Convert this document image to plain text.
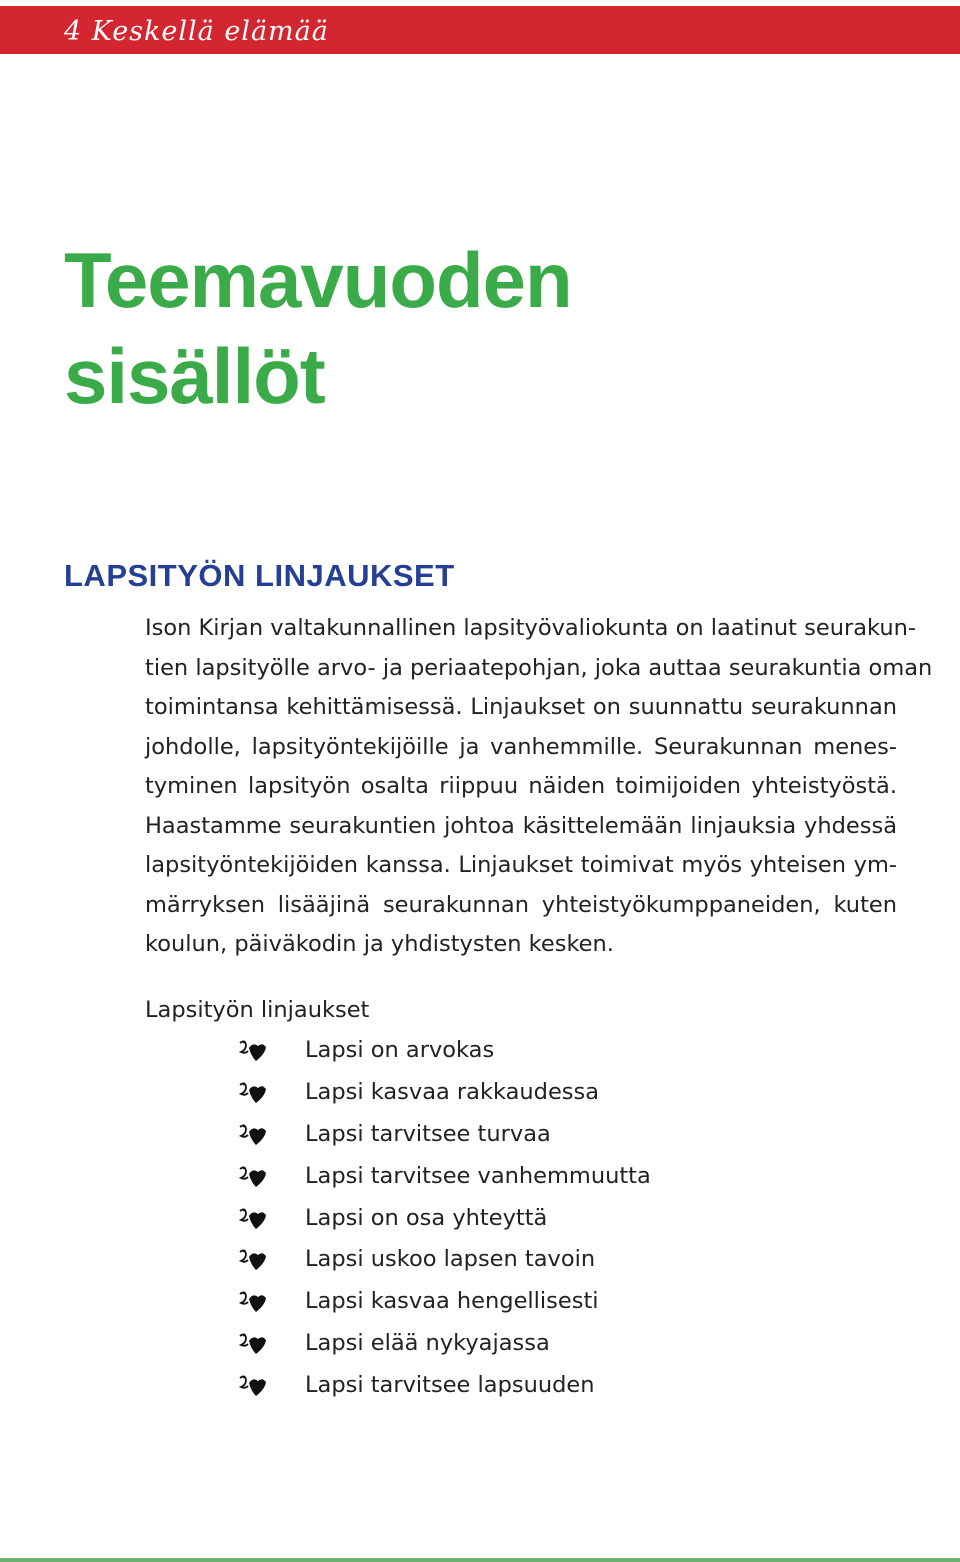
4 Keskellä elämää
Teemavuoden
sisällöt
LAPSITYÖN LINJAUKSET

Ison Kirjan valtakunnallinen lapsityövaliokunta on laatinut seurakun-
tien lapsityölle arvo- ja periaatepohjan, joka auttaa seurakuntia oman
toimintansa kehittämisessä. Linjaukset on suunnattu seurakunnan
johdolle, lapsityöntekijöille ja vanhemmille. Seurakunnan menes-
tyminen lapsityön osalta riippuu näiden toimijoiden yhteistyöstä.
Haastamme seurakuntien johtoa käsittelemään linjauksia yhdessä
lapsityöntekijöiden kanssa. Linjaukset toimivat myös yhteisen ym-
märryksen lisääjinä seurakunnan yhteistyökumppaneiden, kuten
koulun, päiväkodin ja yhdistysten kesken.

Lapsityön linjaukset

Lapsi on arvokas
Lapsi kasvaa rakkaudessa
Lapsi tarvitsee turvaa
Lapsi tarvitsee vanhemmuutta
Lapsi on osa yhteyttä
Lapsi uskoo lapsen tavoin
Lapsi kasvaa hengellisesti
Lapsi elää nykyajassa
Lapsi tarvitsee lapsuuden
